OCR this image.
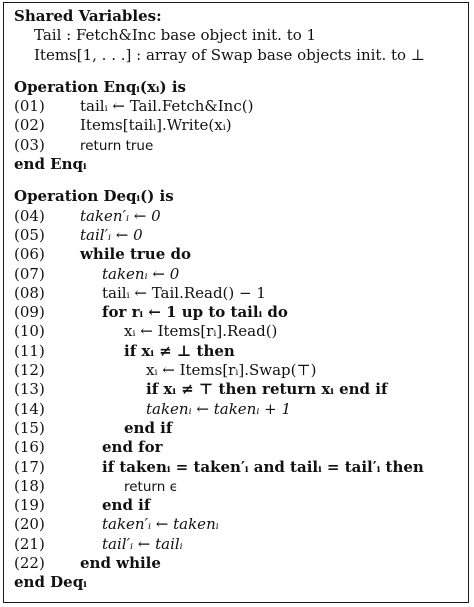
Shared Variables:
Tail : Fetch&Inc base object init. to 1
Items[1, . . .] : array of Swap base objects init. to ⊥
Operation Enqᵢ(xᵢ) is
(01) tailᵢ ← Tail.Fetch&Inc()
(02) Items[tailᵢ].Write(xᵢ)
(03)	return true
end Enqᵢ
Operation Deqᵢ() is
(04) taken′ᵢ ← 0
(05) tail′ᵢ ← 0
(06) while true do
(07)	takenᵢ ← 0
(08)	tailᵢ ← Tail.Read() − 1
(09)	for rᵢ ← 1 up to tailᵢ do
(10)	xᵢ ← Items[rᵢ].Read()
(11)	if xᵢ ≠ ⊥ then
(12)	xᵢ ← Items[rᵢ].Swap(⊤)
(13)	if xᵢ ≠ ⊤ then return xᵢ end if
(14)	takenᵢ ← takenᵢ + 1
(15)	end if
(16)	end for
(17)	if takenᵢ = taken′ᵢ and tailᵢ = tail′ᵢ then
(18)	return ϵ
(19)	end if
(20)	taken′ᵢ ← takenᵢ
(21)	tail′ᵢ ← tailᵢ
(22) end while
end Deqᵢ
